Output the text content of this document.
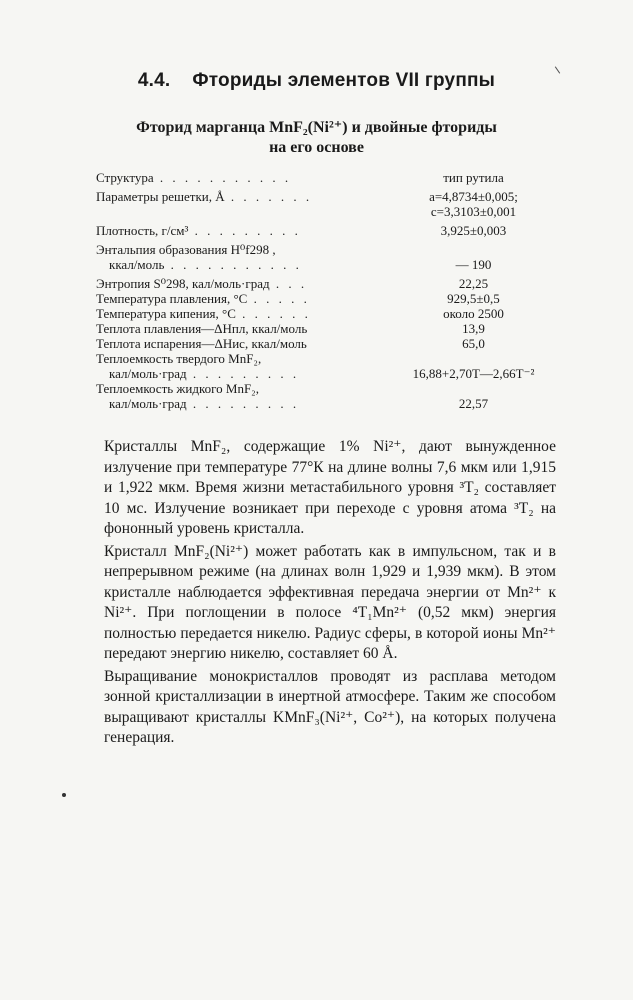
4.4. Фториды элементов VII группы
Фторид марганца MnF₂(Ni²⁺) и двойные фториды
на его основе
Структура . . . . . . . . . . .	тип рутила

Параметры решетки, Å . . . . . . .	a=4,8734±0,005;
	c=3,3103±0,001

Плотность, г/см³ . . . . . . . . .	3,925±0,003

Энтальпия образования H⁰f298 ,	
ккал/моль . . . . . . . . . . .	— 190

Энтропия S⁰298, кал/моль·град . . .	22,25
Температура плавления, °С . . . . .	929,5±0,5
Температура кипения, °С . . . . . .	около 2500
Теплота плавления—ΔHпл, ккал/моль	13,9
Теплота испарения—ΔHис, ккал/моль	65,0
Теплоемкость твердого MnF₂,	
кал/моль·град . . . . . . . . .	16,88+2,70T—2,66T⁻²
Теплоемкость жидкого MnF₂,	
кал/моль·град . . . . . . . . .	22,57

Кристаллы MnF₂, содержащие 1% Ni²⁺, дают вынужденное излучение при температуре 77°К на длине волны 7,6 мкм или 1,915 и 1,922 мкм. Время жизни метастабильного уровня ³T₂ составляет 10 мс. Излучение возникает при переходе с уровня атома ³T₂ на фононный уровень кристалла.

Кристалл MnF₂(Ni²⁺) может работать как в импульсном, так и в непрерывном режиме (на длинах волн 1,929 и 1,939 мкм). В этом кристалле наблюдается эффективная передача энергии от Mn²⁺ к Ni²⁺. При поглощении в полосе ⁴T₁Mn²⁺ (0,52 мкм) энергия полностью передается никелю. Радиус сферы, в которой ионы Mn²⁺ передают энергию никелю, составляет 60 Å.

Выращивание монокристаллов проводят из расплава методом зонной кристаллизации в инертной атмосфере. Таким же способом выращивают кристаллы KMnF₃(Ni²⁺, Co²⁺), на которых получена генерация.
